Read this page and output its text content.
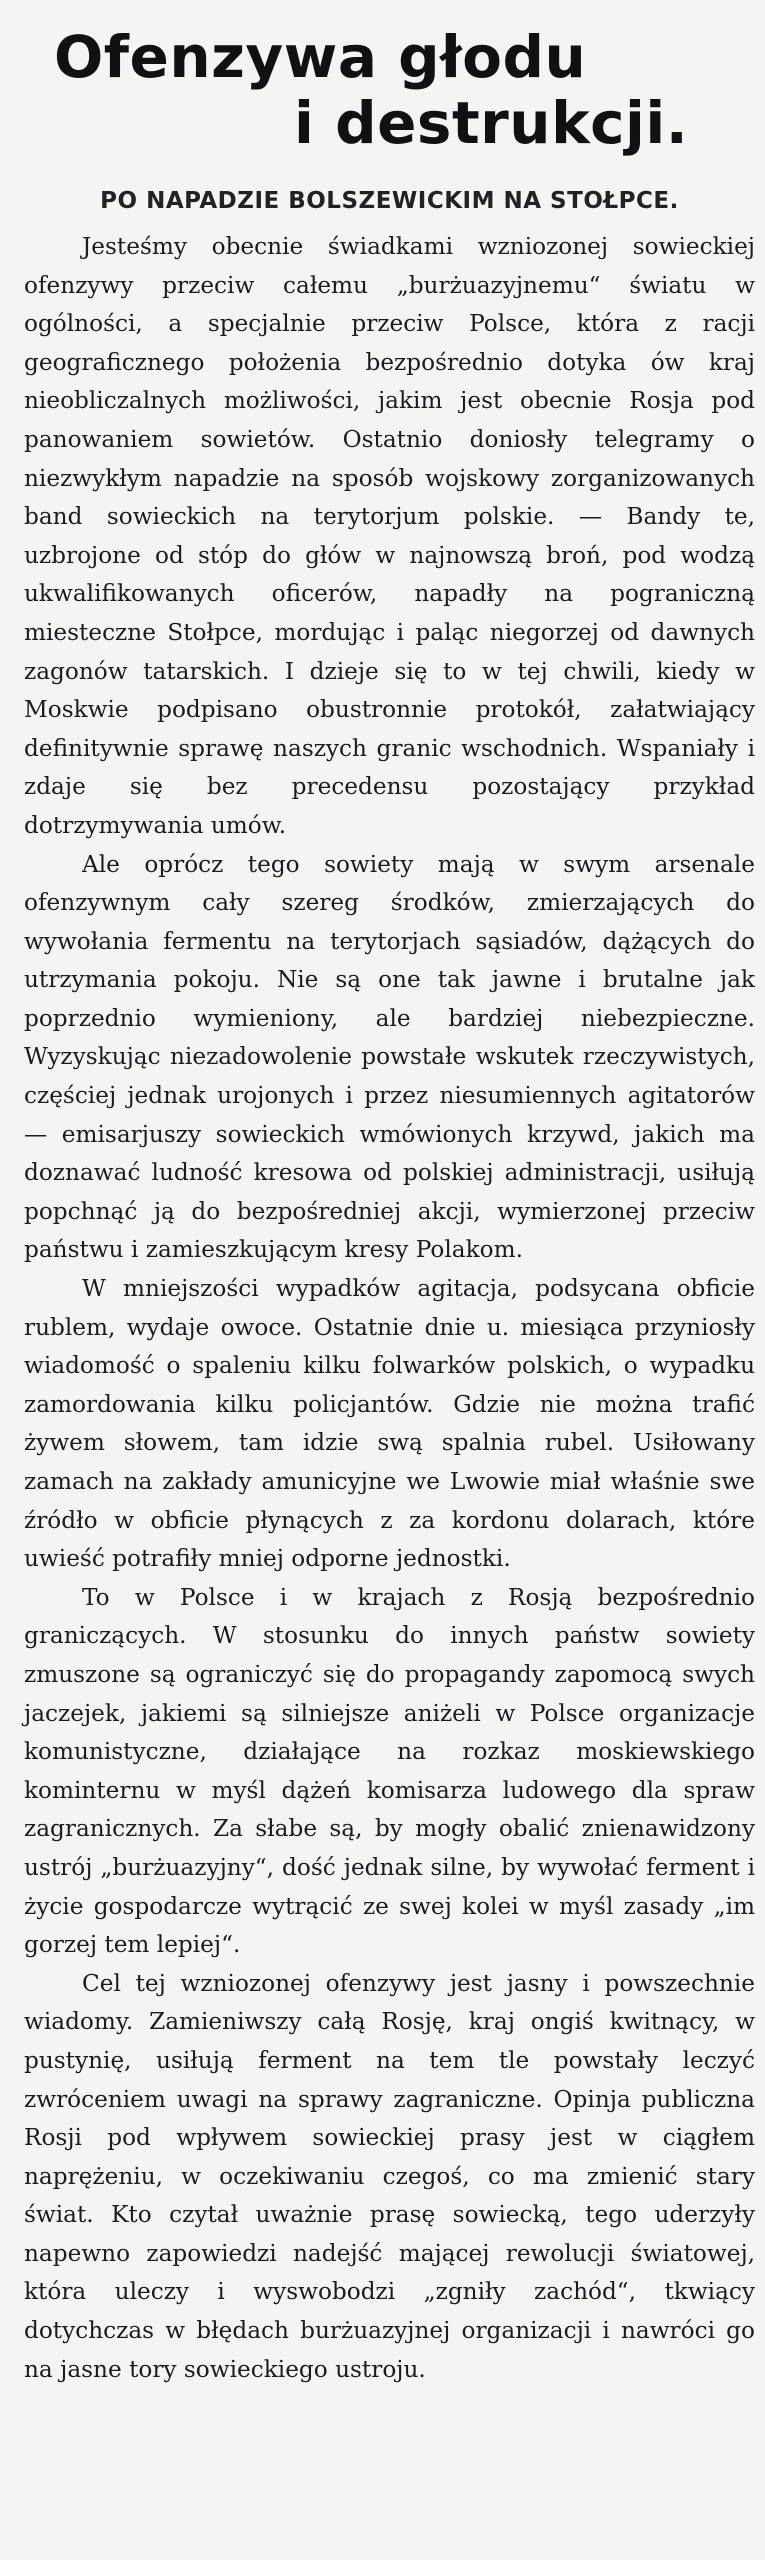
Ofenzywa głodu
i destrukcji.
PO NAPADZIE BOLSZEWICKIM NA STOŁPCE.

Jesteśmy obecnie świadkami wzniozonej sowieckiej ofenzywy przeciw całemu „burżuazyjnemu“ światu w ogólności, a specjalnie przeciw Polsce, która z racji geograficznego położenia bezpośrednio dotyka ów kraj nieobliczalnych możliwości, jakim jest obecnie Rosja pod panowaniem sowietów. Ostatnio doniosły telegramy o niezwykłym napadzie na sposób wojskowy zorganizowanych band sowieckich na terytorjum polskie. — Bandy te, uzbrojone od stóp do głów w najnowszą broń, pod wodzą ukwalifikowanych oficerów, napadły na pograniczną miesteczne Stołpce, mordując i paląc niegorzej od dawnych zagonów tatarskich. I dzieje się to w tej chwili, kiedy w Moskwie podpisano obustronnie protokół, załatwiający definitywnie sprawę naszych granic wschodnich. Wspaniały i zdaje się bez precedensu pozostający przykład dotrzymywania umów.

Ale oprócz tego sowiety mają w swym arsenale ofenzywnym cały szereg środków, zmierzających do wywołania fermentu na terytorjach sąsiadów, dążących do utrzymania pokoju. Nie są one tak jawne i brutalne jak poprzednio wymieniony, ale bardziej niebezpieczne. Wyzyskując niezadowolenie powstałe wskutek rzeczywistych, częściej jednak urojonych i przez niesumiennych agitatorów — emisarjuszy sowieckich wmówionych krzywd, jakich ma doznawać ludność kresowa od polskiej administracji, usiłują popchnąć ją do bezpośredniej akcji, wymierzonej przeciw państwu i zamieszkującym kresy Polakom.

W mniejszości wypadków agitacja, podsycana obficie rublem, wydaje owoce. Ostatnie dnie u. miesiąca przyniosły wiadomość o spaleniu kilku folwarków polskich, o wypadku zamordowania kilku policjantów. Gdzie nie można trafić żywem słowem, tam idzie swą spalnia rubel. Usiłowany zamach na zakłady amunicyjne we Lwowie miał właśnie swe źródło w obficie płynących z za kordonu dolarach, które uwieść potrafiły mniej odporne jednostki.

To w Polsce i w krajach z Rosją bezpośrednio graniczących. W stosunku do innych państw sowiety zmuszone są ograniczyć się do propagandy zapomocą swych jaczejek, jakiemi są silniejsze aniżeli w Polsce organizacje komunistyczne, działające na rozkaz moskiewskiego kominternu w myśl dążeń komisarza ludowego dla spraw zagranicznych. Za słabe są, by mogły obalić znienawidzony ustrój „burżuazyjny“, dość jednak silne, by wywołać ferment i życie gospodarcze wytrącić ze swej kolei w myśl zasady „im gorzej tem lepiej“.

Cel tej wzniozonej ofenzywy jest jasny i powszechnie wiadomy. Zamieniwszy całą Rosję, kraj ongiś kwitnący, w pustynię, usiłują ferment na tem tle powstały leczyć zwróceniem uwagi na sprawy zagraniczne. Opinja publiczna Rosji pod wpływem sowieckiej prasy jest w ciągłem naprężeniu, w oczekiwaniu czegoś, co ma zmienić stary świat. Kto czytał uważnie prasę sowiecką, tego uderzyły napewno zapowiedzi nadejść mającej rewolucji światowej, która uleczy i wyswobodzi „zgniły zachód“, tkwiący dotychczas w błędach burżuazyjnej organizacji i nawróci go na jasne tory sowieckiego ustroju.
